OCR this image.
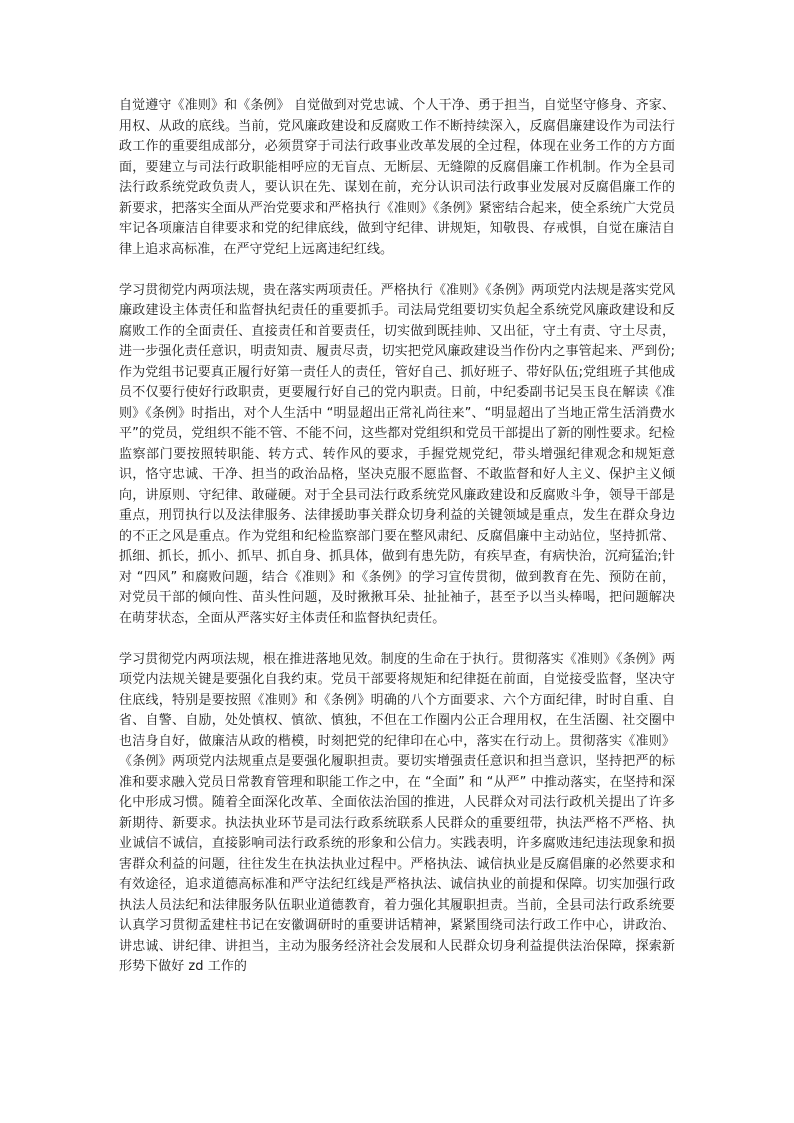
自觉遵守《准则》和《条例》 自觉做到对党忠诚、个人干净、勇于担当，自觉坚守修身、齐家、用权、从政的底线。当前，党风廉政建设和反腐败工作不断持续深入，反腐倡廉建设作为司法行政工作的重要组成部分，必须贯穿于司法行政事业改革发展的全过程，体现在业务工作的方方面面，要建立与司法行政职能相呼应的无盲点、无断层、无缝隙的反腐倡廉工作机制。作为全县司法行政系统党政负责人，要认识在先、谋划在前，充分认识司法行政事业发展对反腐倡廉工作的新要求，把落实全面从严治党要求和严格执行《准则》《条例》紧密结合起来，使全系统广大党员牢记各项廉洁自律要求和党的纪律底线，做到守纪律、讲规矩，知敬畏、存戒惧，自觉在廉洁自律上追求高标准，在严守党纪上远离违纪红线。

学习贯彻党内两项法规，贵在落实两项责任。严格执行《准则》《条例》两项党内法规是落实党风廉政建设主体责任和监督执纪责任的重要抓手。司法局党组要切实负起全系统党风廉政建设和反腐败工作的全面责任、直接责任和首要责任，切实做到既挂帅、又出征，守土有责、守土尽责，进一步强化责任意识，明责知责、履责尽责，切实把党风廉政建设当作份内之事管起来、严到份;作为党组书记要真正履行好第一责任人的责任，管好自己、抓好班子、带好队伍;党组班子其他成员不仅要行使好行政职责，更要履行好自己的党内职责。日前，中纪委副书记吴玉良在解读《准则》《条例》时指出，对个人生活中 “明显超出正常礼尚往来”、“明显超出了当地正常生活消费水平”的党员，党组织不能不管、不能不问，这些都对党组织和党员干部提出了新的刚性要求。纪检监察部门要按照转职能、转方式、转作风的要求，手握党规党纪，带头增强纪律观念和规矩意识，恪守忠诚、干净、担当的政治品格，坚决克服不愿监督、不敢监督和好人主义、保护主义倾向，讲原则、守纪律、敢碰硬。对于全县司法行政系统党风廉政建设和反腐败斗争，领导干部是重点，刑罚执行以及法律服务、法律援助事关群众切身利益的关键领域是重点，发生在群众身边的不正之风是重点。作为党组和纪检监察部门要在整风肃纪、反腐倡廉中主动站位，坚持抓常、抓细、抓长，抓小、抓早、抓自身、抓具体，做到有患先防，有疾早查，有病快治，沉疴猛治;针对 “四风” 和腐败问题，结合《准则》和《条例》的学习宣传贯彻，做到教育在先、预防在前，对党员干部的倾向性、苗头性问题，及时揪揪耳朵、扯扯袖子，甚至予以当头棒喝，把问题解决在萌芽状态，全面从严落实好主体责任和监督执纪责任。

学习贯彻党内两项法规，根在推进落地见效。制度的生命在于执行。贯彻落实《准则》《条例》两项党内法规关键是要强化自我约束。党员干部要将规矩和纪律挺在前面，自觉接受监督，坚决守住底线，特别是要按照《准则》和《条例》明确的八个方面要求、六个方面纪律，时时自重、自省、自警、自励，处处慎权、慎欲、慎独，不但在工作圈内公正合理用权，在生活圈、社交圈中也洁身自好，做廉洁从政的楷模，时刻把党的纪律印在心中，落实在行动上。贯彻落实《准则》《条例》两项党内法规重点是要强化履职担责。要切实增强责任意识和担当意识，坚持把严的标准和要求融入党员日常教育管理和职能工作之中，在 “全面” 和 “从严” 中推动落实，在坚持和深化中形成习惯。随着全面深化改革、全面依法治国的推进，人民群众对司法行政机关提出了许多新期待、新要求。执法执业环节是司法行政系统联系人民群众的重要纽带，执法严格不严格、执业诚信不诚信，直接影响司法行政系统的形象和公信力。实践表明，许多腐败违纪违法现象和损害群众利益的问题，往往发生在执法执业过程中。严格执法、诚信执业是反腐倡廉的必然要求和有效途径，追求道德高标准和严守法纪红线是严格执法、诚信执业的前提和保障。切实加强行政执法人员法纪和法律服务队伍职业道德教育，着力强化其履职担责。当前，全县司法行政系统要认真学习贯彻孟建柱书记在安徽调研时的重要讲话精神，紧紧围绕司法行政工作中心，讲政治、讲忠诚、讲纪律、讲担当，主动为服务经济社会发展和人民群众切身利益提供法治保障，探索新形势下做好 zd 工作的
